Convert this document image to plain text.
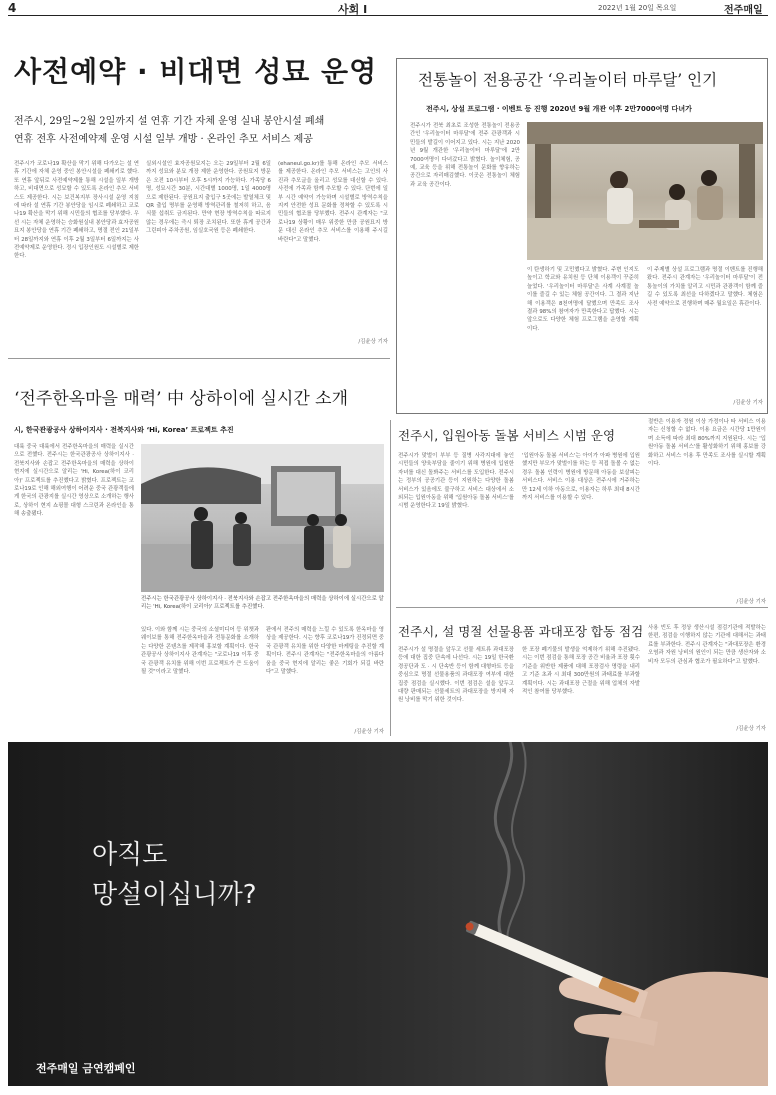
4	사회 Ⅰ	2022년 1월 20일 목요일	전주매일
사전예약 · 비대면 성묘 운영
전주시, 29일~2월 2일까지 설 연휴 기간 자체 운영 실내 봉안시설 폐쇄
연휴 전후 사전예약제 운영 시설 일부 개방 · 온라인 추모 서비스 제공
전주시가 코로나19 확산을 막기 위해 다가오는 설 연휴 기간에 자체 운영 중인 봉안시설을 폐쇄키로 했다. 또 연휴 앞뒤로 사전예약제를 통해 시설을 일부 개방하고, 비대면으로 성묘할 수 있도록 온라인 추모 서비스도 제공한다. 시는 보건복지부 장사시설 운영 지침에 따라 설 연휴 기간 봉안당을 임시로 폐쇄하고 코로나19 확산을 막기 위해 시민들의 협조를 당부했다. 우선 시는 자체 운영하는 승화원실내 봉안당과 효자공원묘지 봉안당을 연휴 기간 폐쇄하고, 명절 전인 21일부터 28일까지와 연휴 이후 2월 3일부터 6일까지는 사전예약제로 운영한다. 정시 입장인원도 시설별로 제한한다.
실외시설인 효자공원묘지는 오는 29일부터 2월 6일까지 성묘와 분묘 개장 제한 운영한다. 공원묘지 방문은 오전 10시부터 오후 5시까지 가능하다. 가족당 6명, 성묘시간 30분, 시간대별 1000명, 1일 4000명으로 제한된다. 공원묘지 출입구 5곳에는 발열체크 및 QR 출입 명부를 운영해 방역관리를 철저히 하고, 음식물 섭취도 금지된다. 만약 현장 방역수칙을 따르지 않는 경우에는 즉시 퇴장 조치된다. 또한 휴게 공간과 그린피아 주차공원, 임실호국원 등은 폐쇄한다.
(ehaneul.go.kr)를 통해 온라인 추모 서비스를 제공한다. 온라인 추모 서비스는 고인의 사진과 추모글을 올리고 성묘를 대신할 수 있다. 사전에 가족과 함께 추모할 수 있다. 단번에 일부 시간 예약이 가능하며 시설별로 방역수칙을 지켜 안전한 성묘 문화를 정착할 수 있도록 시민들의 협조를 당부했다. 전주시 관계자는 "코로나19 상황이 매우 위중한 만큼 공원묘지 방문 대신 온라인 추모 서비스를 이용해 주시길 바란다"고 말했다.
/김윤상 기자
전통놀이 전용공간 ‘우리놀이터 마루달’ 인기
전주시, 상설 프로그램 · 이벤트 등 진행 2020년 9월 개관 이후 2만7000여명 다녀가
전주시가 전북 최초로 조성한 전통놀이 전용공간인 '우리놀이터 마루달'에 전주 관광객과 시민들의 발길이 이어지고 있다. 시는 지난 2020년 9월 개관한 '우리놀이터 마루달'에 2만7000여명이 다녀갔다고 밝혔다. 놀이체험, 공예, 교육 등을 위해 전통놀이 문화를 향유하는 공간으로 자리매김했다. 이곳은 전통놀이 체험과 교육 공간이다.
이 탄생하기 및 고민했다고 밝혔다. 주변 인지도 높이고 학교와 유치원 등 단체 이용객이 꾸준히 늘었다. '우리놀이터 마루달'은 사계 사계절 놀이를 즐길 수 있는 체험 공간이다. 그 결과 지난해 이용객은 8천여명에 달했으며 만족도 조사 결과 98%의 참여자가 만족한다고 답했다. 시는 앞으로도 다양한 체험 프로그램을 운영할 계획이다.
이 주제별 상설 프로그램과 명절 이벤트를 진행해 왔다. 전주시 관계자는 '우리놀이터 마루달'이 전통놀이의 가치를 알리고 시민과 관광객이 함께 즐길 수 있도록 최선을 다하겠다고 말했다. 체험은 사전 예약으로 진행하며 매주 월요일은 휴관이다.
/김윤상 기자
‘전주한옥마을 매력’ 中 상하이에 실시간 소개
시, 한국관광공사 상하이지사 · 전북지사와 ‘Hi, Korea’ 프로젝트 추진
대륙 중국 대륙에서 전주한옥마을의 매력을 실시간으로 전했다. 전주시는 한국관광공사 상하이지사 · 전북지사와 손잡고 전주한옥마을의 매력을 상하이 현지에 실시간으로 알리는 'Hi, Korea(하이 코리아)' 프로젝트를 추진했다고 밝혔다. 프로젝트는 코로나19로 인해 해외여행이 어려운 중국 관광객들에게 한국의 관광지를 실시간 영상으로 소개하는 행사로, 상하이 현지 쇼핑몰 대형 스크린과 온라인을 통해 송출됐다.
전주시는 한국관광공사 상하이지사 · 전북지사와 손잡고 전주한옥마을의 매력을 상하이에 실시간으로 알리는 'Hi, Korea(하이 코리아)' 프로젝트를 추진했다.
있다. 이와 함께 시는 중국의 소셜미디어 등 위챗과 웨이보를 통해 전주한옥마을과 전통문화를 소개하는 다양한 콘텐츠를 제작해 홍보할 계획이다. 한국관광공사 상하이지사 관계자는 "코로나19 이후 중국 관광객 유치를 위해 이번 프로젝트가 큰 도움이 될 것"이라고 말했다.
판에서 전주의 매력을 느낄 수 있도록 한옥마을 영상을 제공한다. 시는 향후 코로나19가 진정되면 중국 관광객 유치를 위한 다양한 마케팅을 추진할 계획이다. 전주시 관계자는 "전주한옥마을의 아름다움을 중국 현지에 알리는 좋은 기회가 되길 바란다"고 말했다.
/김윤상 기자
전주시, 입원아동 돌봄 서비스 시범 운영
전주시가 맞벌이 부부 등 질병 사각지대에 놓인 시민들의 양육부담을 줄이기 위해 병원에 입원한 자녀를 대신 돌봐주는 서비스를 도입한다. 전주시는 정부의 공공기관 등이 지원하는 다양한 돌봄 서비스가 있음에도 불구하고 서비스 대상에서 소외되는 입원아동을 위해 '입원아동 돌봄 서비스'를 시범 운영한다고 19일 밝혔다.
'입원아동 돌봄 서비스'는 아이가 아파 병원에 입원했지만 부모가 맞벌이를 하는 등 직접 돌볼 수 없는 경우 돌봄 인력이 병원에 방문해 아동을 보살피는 서비스다. 서비스 이용 대상은 전주시에 거주하는 만 12세 이하 아동으로, 이용자는 하루 최대 8시간까지 서비스를 이용할 수 있다.
절반은 이용자 정원 이상 가정이나 타 서비스 이용자는 신청할 수 없다. 이용 요금은 시간당 1만원이며 소득에 따라 최대 80%까지 지원된다. 시는 '입원아동 돌봄 서비스'를 활성화하기 위해 홍보를 강화하고 서비스 이용 후 만족도 조사를 실시할 계획이다.
/김윤상 기자
전주시, 설 명절 선물용품 과대포장 합동 점검
전주시가 설 명절을 앞두고 선물 세트류 과대포장 등에 대한 집중 단속에 나선다. 시는 19일 한국환경공단과 도 · 시 단속반 등이 함께 대형마트 등을 중심으로 명절 선물용품의 과대포장 여부에 대한 집중 점검을 실시했다. 이번 점검은 설을 앞두고 대량 판매되는 선물세트의 과대포장을 방지해 자원 낭비를 막기 위한 것이다.
한 포장 폐기물의 발생을 억제하기 위해 추진됐다. 시는 이번 점검을 통해 포장 공간 비율과 포장 횟수 기준을 위반한 제품에 대해 포장검사 명령을 내리고 기준 초과 시 최대 300만원의 과태료를 부과할 계획이다. 시는 과대포장 근절을 위해 업체의 자발적인 참여를 당부했다.
사용 빈도 후 정상 생산시설 점검기관에 적발하는 한편, 점검을 이행하지 않는 기관에 대해서는 과태료를 부과한다. 전주시 관계자는 "과대포장은 환경오염과 자원 낭비의 원인이 되는 만큼 생산자와 소비자 모두의 관심과 협조가 필요하다"고 말했다.
/김윤상 기자
아직도
망설이십니까?
전주매일 금연캠페인
